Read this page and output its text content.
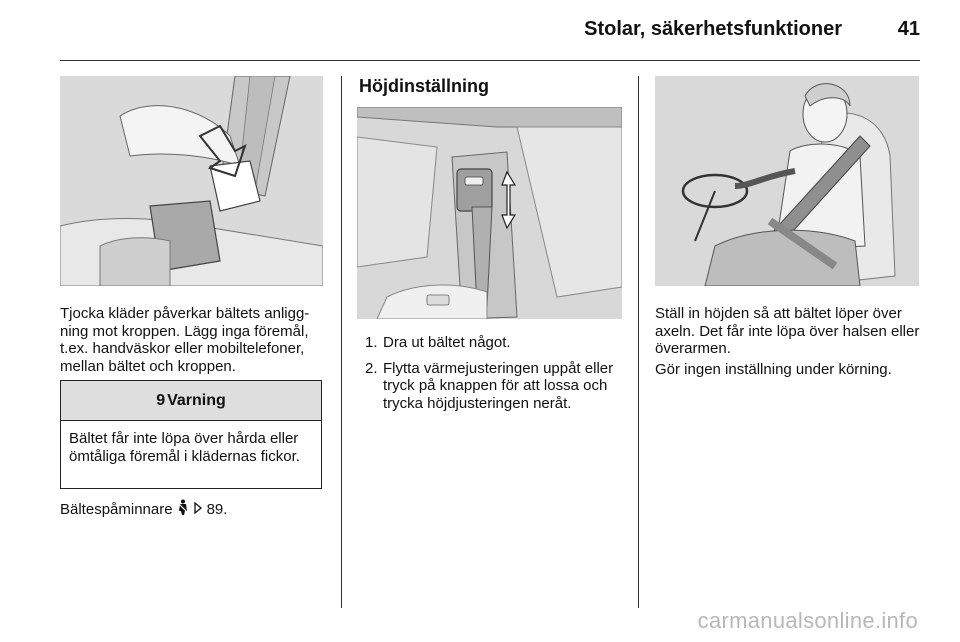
Stolar, säkerhetsfunktioner	41
Tjocka kläder påverkar bältets anliggning mot kroppen. Lägg inga föremål, t.ex. handväskor eller mobiltelefoner, mellan bältet och kroppen.
9 Varning
Bältet får inte löpa över hårda eller ömtåliga föremål i klädernas fickor.
Bältespåminnare 89.
Höjdinställning
1. Dra ut bältet något.
2. Flytta värmejusteringen uppåt eller tryck på knappen för att lossa och trycka höjdjusteringen neråt.
Ställ in höjden så att bältet löper över axeln. Det får inte löpa över halsen eller överarmen.
Gör ingen inställning under körning.
carmanualsonline.info
